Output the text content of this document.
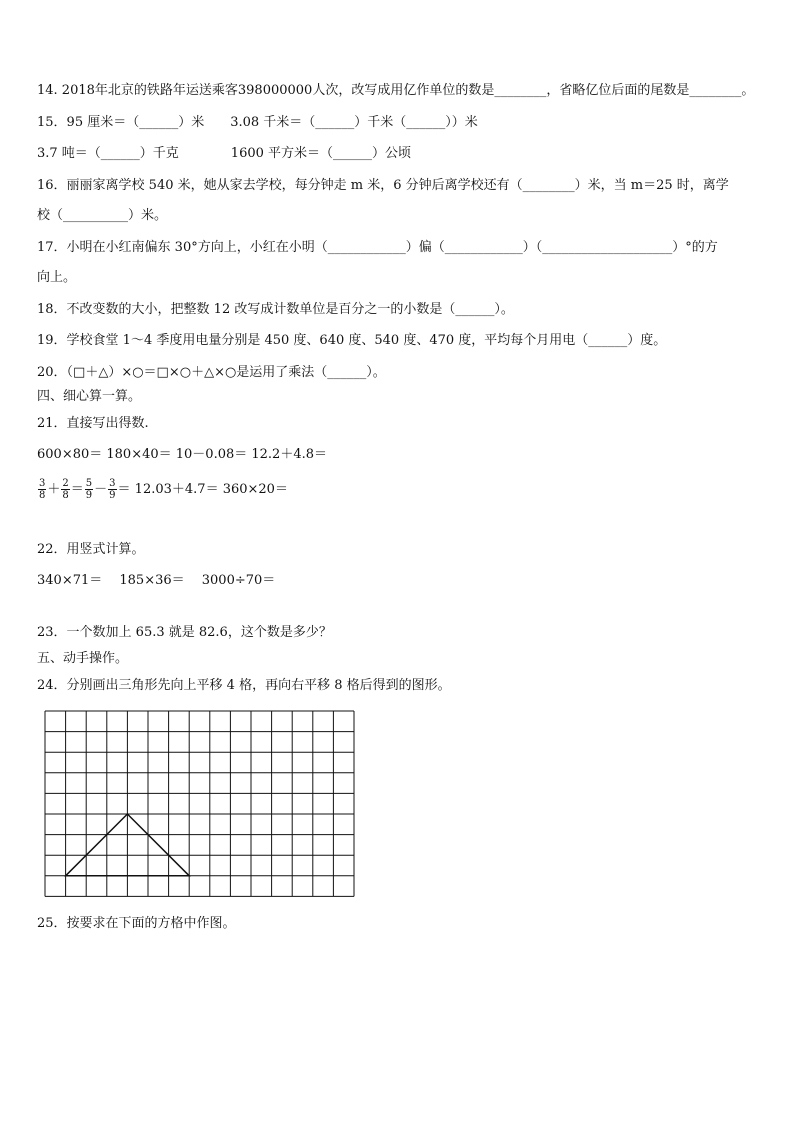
14. 2018年北京的铁路年运送乘客398000000人次，改写成用亿作单位的数是________，省略亿位后面的尾数是________。
15．95 厘米＝（______）米　　3.08 千米＝（______）千米（______））米
3.7 吨＝（______）千克　　　　1600 平方米＝（______）公顷
16．丽丽家离学校 540 米，她从家去学校，每分钟走 m 米，6 分钟后离学校还有（________）米，当 m＝25 时，离学
校（__________）米。
17．小明在小红南偏东 30°方向上，小红在小明（____________）偏（____________）（____________________）°的方
向上。
18．不改变数的大小，把整数 12 改写成计数单位是百分之一的小数是（______）。
19．学校食堂 1～4 季度用电量分别是 450 度、640 度、540 度、470 度，平均每个月用电（______）度。
20．（□＋△）×○＝□×○＋△×○是运用了乘法（______）。
四、细心算一算。
21．直接写出得数.
600×80＝ 180×40＝ 10－0.08＝ 12.2＋4.8＝
$\frac{3}{8} + \frac{2}{8} = \frac{5}{9} - \frac{3}{9} = 12.03+4.7= 360\times 20=$
22．用竖式计算。
340×71＝　 185×36＝　 3000÷70＝
23．一个数加上 65.3 就是 82.6，这个数是多少？
五、动手操作。
24．分别画出三角形先向上平移 4 格，再向右平移 8 格后得到的图形。
25．按要求在下面的方格中作图。
